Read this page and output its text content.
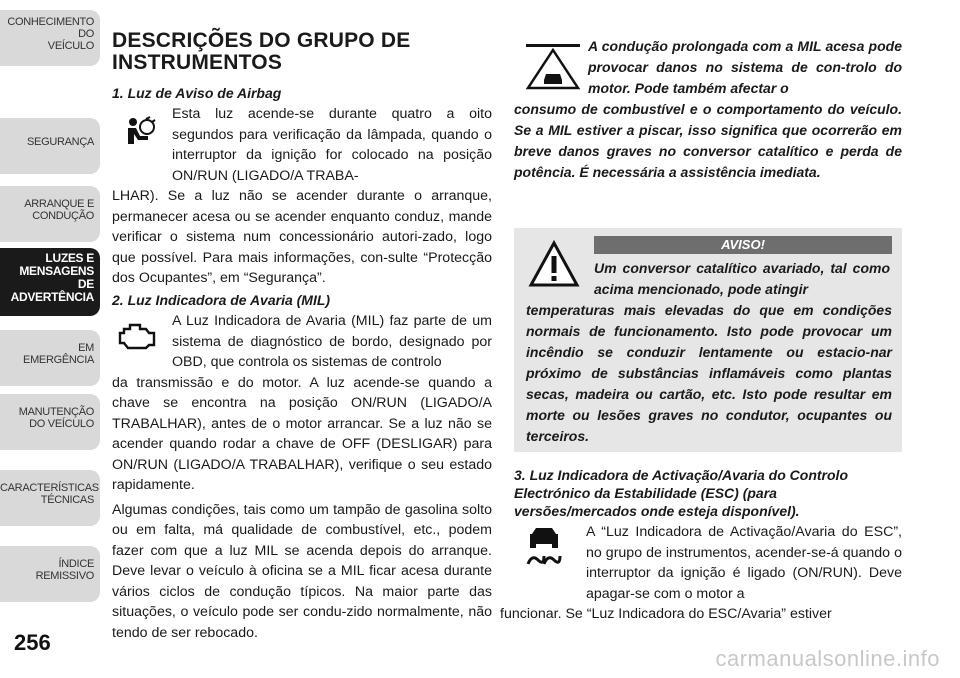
CONHECIMENTO
DO
VEÍCULO
SEGURANÇA
ARRANQUE E
CONDUÇÃO
LUZES E
MENSAGENS
DE
ADVERTÊNCIA
EM
EMERGÊNCIA
MANUTENÇÃO
DO VEÍCULO
CARACTERÍSTICAS
TÉCNICAS
ÍNDICE
REMISSIVO
256
DESCRIÇÕES DO GRUPO DE
INSTRUMENTOS
1. Luz de Aviso de Airbag

Esta luz acende-se durante quatro a oito segundos para verificação da lâmpada, quando o interruptor da ignição for colocado na posição ON/RUN (LIGADO/A TRABA-

LHAR). Se a luz não se acender durante o arranque, permanecer acesa ou se acender enquanto conduz, mande verificar o sistema num concessionário autori-zado, logo que possível. Para mais informações, con-sulte “Protecção dos Ocupantes”, em “Segurança”.

2. Luz Indicadora de Avaria (MIL)

A Luz Indicadora de Avaria (MIL) faz parte de um sistema de diagnóstico de bordo, designado por OBD, que controla os sistemas de controlo

da transmissão e do motor. A luz acende-se quando a chave se encontra na posição ON/RUN (LIGADO/A TRABALHAR), antes de o motor arrancar. Se a luz não se acender quando rodar a chave de OFF (DESLIGAR) para ON/RUN (LIGADO/A TRABALHAR), verifique o seu estado rapidamente.

Algumas condições, tais como um tampão de gasolina solto ou em falta, má qualidade de combustível, etc., podem fazer com que a luz MIL se acenda depois do arranque. Deve levar o veículo à oficina se a MIL ficar acesa durante vários ciclos de condução típicos. Na maior parte das situações, o veículo pode ser condu-zido normalmente, não tendo de ser rebocado.

A condução prolongada com a MIL acesa pode provocar danos no sistema de con-trolo do motor. Pode também afectar o
consumo de combustível e o comportamento do veículo. Se a MIL estiver a piscar, isso significa que ocorrerão em breve danos graves no conversor catalítico e perda de potência. É necessária a assistência imediata.
AVISO!
Um conversor catalítico avariado, tal como acima mencionado, pode atingir
temperaturas mais elevadas do que em condições normais de funcionamento. Isto pode provocar um incêndio se conduzir lentamente ou estacio-nar próximo de substâncias inflamáveis como plantas secas, madeira ou cartão, etc. Isto pode resultar em morte ou lesões graves no condutor, ocupantes ou terceiros.
3. Luz Indicadora de Activação/Avaria do Controlo Electrónico da Estabilidade (ESC) (para versões/mercados onde esteja disponível).

A “Luz Indicadora de Activação/Avaria do ESC”, no grupo de instrumentos, acender-se-á quando o interruptor da ignição é ligado (ON/RUN). Deve apagar-se com o motor a

funcionar. Se “Luz Indicadora do ESC/Avaria” estiver

carmanualsonline.info
